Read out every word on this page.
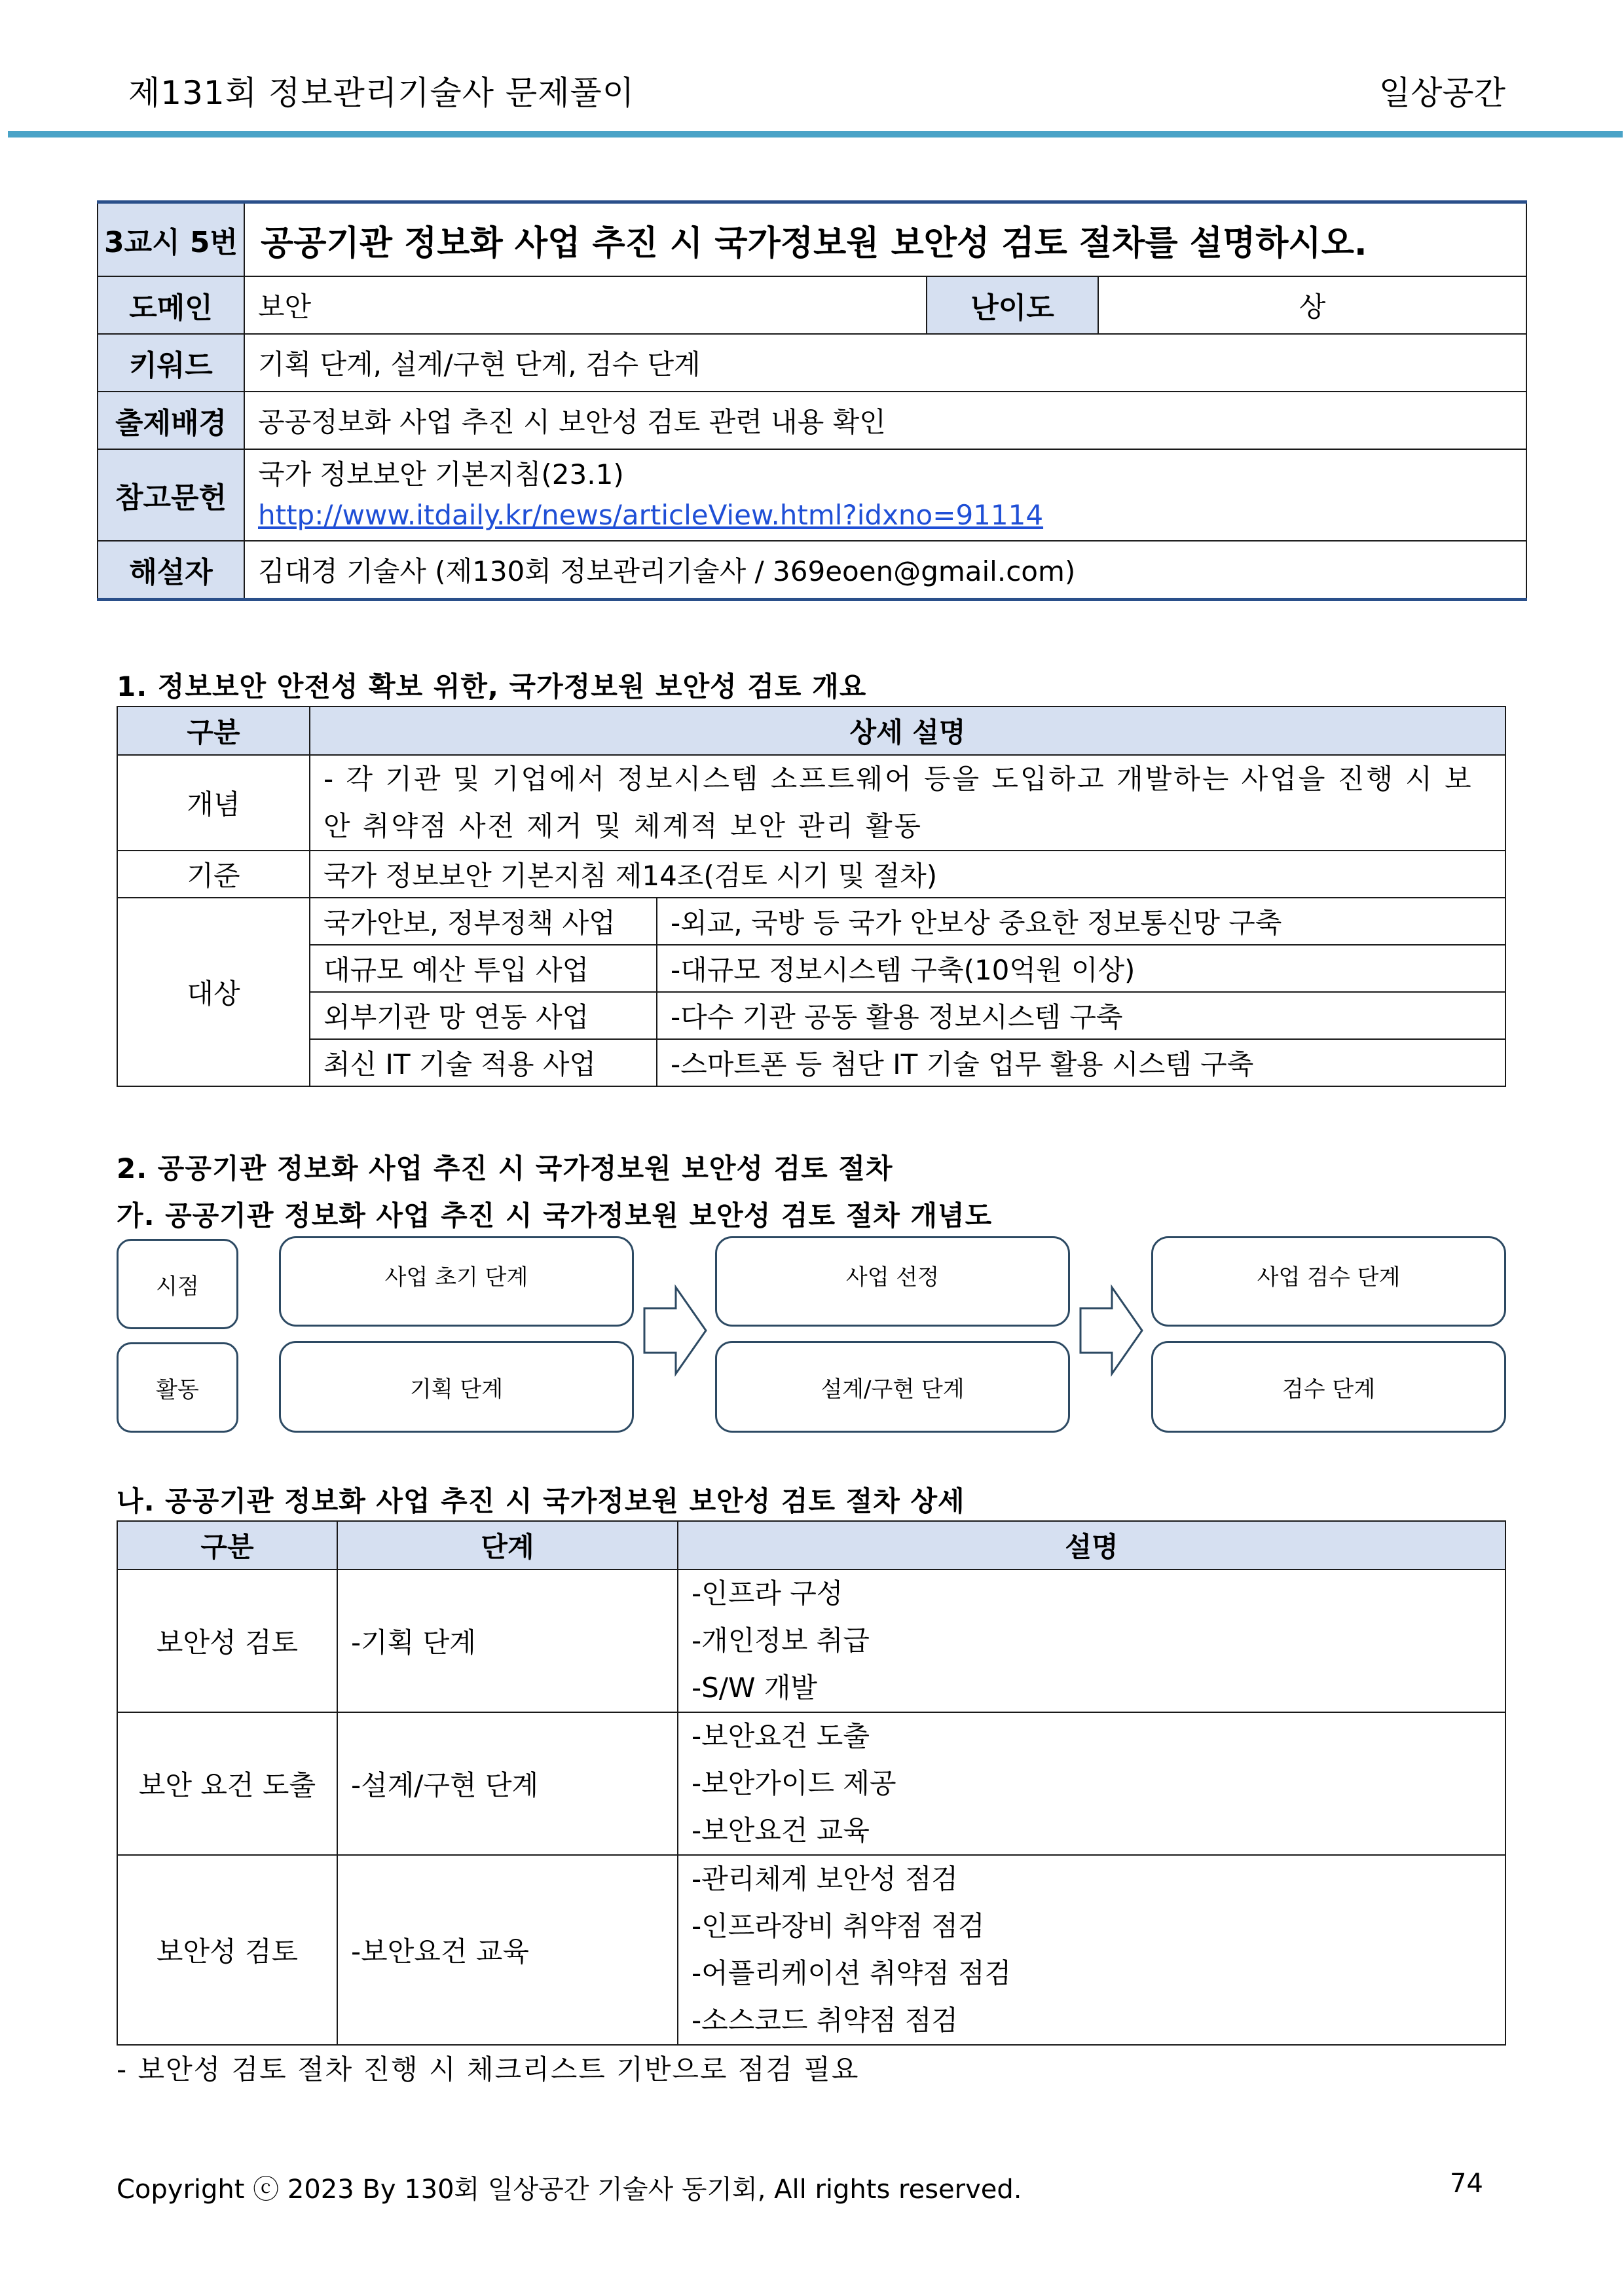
제131회 정보관리기술사 문제풀이	일상공간
3교시 5번	공공기관 정보화 사업 추진 시 국가정보원 보안성 검토 절차를 설명하시오.		
도메인	보안	난이도	상
키워드	기획 단계, 설계/구현 단계, 검수 단계		
출제배경	공공정보화 사업 추진 시 보안성 검토 관련 내용 확인		
참고문헌	국가 정보보안 기본지침(23.1)
http://www.itdaily.kr/news/articleView.html?idxno=91114		

해설자	김대경 기술사 (제130회 정보관리기술사 / 369eoen@gmail.com)		
1. 정보보안 안전성 확보 위한, 국가정보원 보안성 검토 개요
구분	상세 설명	
개념	- 각 기관 및 기업에서 정보시스템 소프트웨어 등을 도입하고 개발하는 사업을 진행 시 보안 취약점 사전 제거 및 체계적 보안 관리 활동	
기준	국가 정보보안 기본지침 제14조(검토 시기 및 절차)	
대상	국가안보, 정부정책 사업	-외교, 국방 등 국가 안보상 중요한 정보통신망 구축
	대규모 예산 투입 사업	-대규모 정보시스템 구축(10억원 이상)
	외부기관 망 연동 사업	-다수 기관 공동 활용 정보시스템 구축
	최신 IT 기술 적용 사업	-스마트폰 등 첨단 IT 기술 업무 활용 시스템 구축
2. 공공기관 정보화 사업 추진 시 국가정보원 보안성 검토 절차
가. 공공기관 정보화 사업 추진 시 국가정보원 보안성 검토 절차 개념도
시점
활동
사업 초기 단계
기획 단계
사업 선정
설계/구현 단계
사업 검수 단계
검수 단계
나. 공공기관 정보화 사업 추진 시 국가정보원 보안성 검토 절차 상세
구분	단계	설명
보안성 검토	-기획 단계	-인프라 구성
-개인정보 취급
-S/W 개발

보안 요건 도출	-설계/구현 단계	-보안요건 도출
-보안가이드 제공
-보안요건 교육

보안성 검토	-보안요건 교육	-관리체계 보안성 점검
-인프라장비 취약점 점검
-어플리케이션 취약점 점검
-소스코드 취약점 점검
- 보안성 검토 절차 진행 시 체크리스트 기반으로 점검 필요
Copyright ⓒ 2023 By 130회 일상공간 기술사 동기회, All rights reserved.	74
